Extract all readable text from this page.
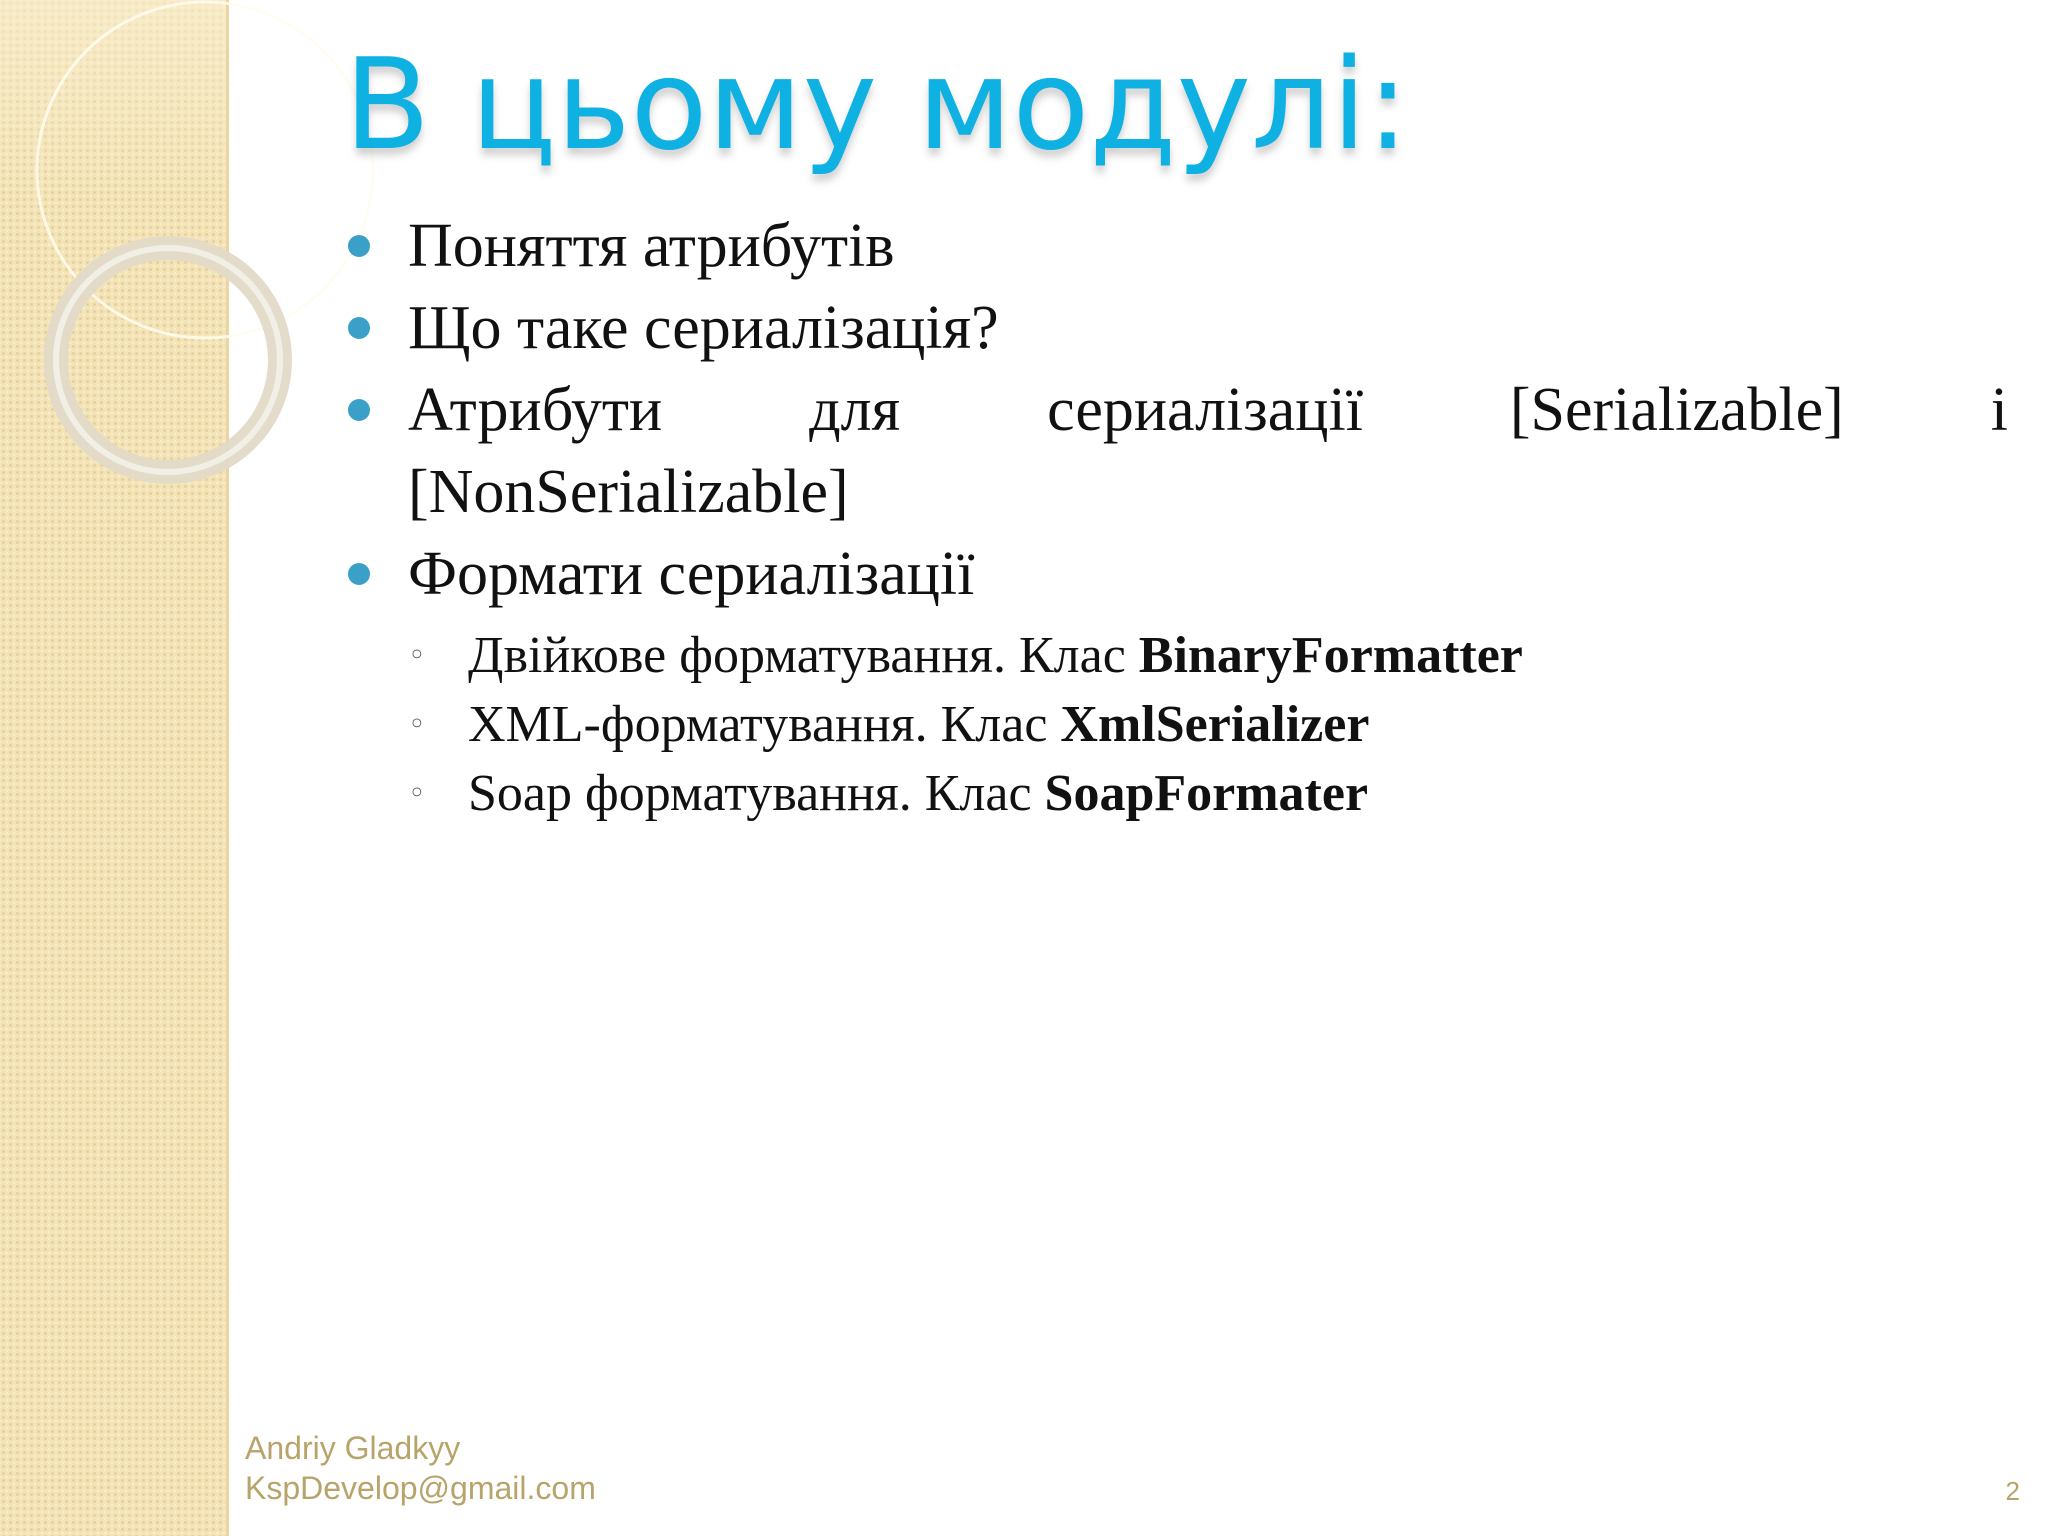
В цьому модулі:
Поняття атрибутів
Що таке сериалізація?
Атрибути для сериалізації [Serializable] і
[NonSerializable]
Формати сериалізації
◦ Двійкове форматування. Клас BinaryFormatter
◦ XML-форматування. Клас XmlSerializer
◦ Soap форматування. Клас SoapFormater
Andriy Gladkyy
KspDevelop@gmail.com	2
